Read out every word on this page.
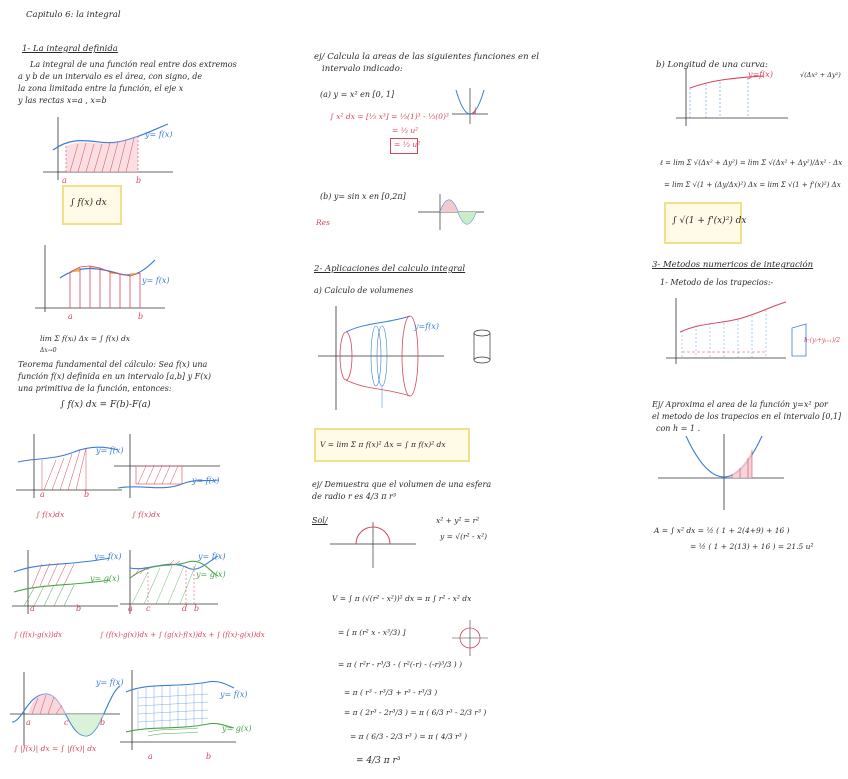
Capitulo 6: la integral
1- La integral definida
La integral de una función real entre dos extremos
a y b de un intervalo es el área, con signo, de
la zona limitada entre la función, el eje x
y las rectas x=a , x=b
y= f(x)
a	b
∫ f(x) dx
y= f(x)
a	b
lim Σ f(xᵢ) Δx = ∫ f(x) dx
Δx→0
Teorema fundamental del cálculo: Sea f(x) una
función f(x) definida en un intervalo [a,b] y F(x)
una primitiva de la función, entonces:
∫ f(x) dx = F(b)-F(a)
y= f(x)
a	b
∫ f(x)dx
y= f(x)
∫ f(x)dx
y= f(x)
y= g(x)
a	b
y= f(x)
y= g(x)
a c	d b
∫ (f(x)-g(x))dx	∫ (f(x)-g(x))dx + ∫ (g(x)-f(x))dx + ∫ (f(x)-g(x))dx
y= f(x)
a	c	b
∫ |f(x)| dx = ∫ |f(x)| dx
y= f(x)
y= g(x)
a	b
ej/ Calcula la areas de las siguientes funciones en el
intervalo indicado:
(a) y = x² en [0, 1]
∫ x² dx = [⅓ x³] = ⅓(1)³ - ⅓(0)³
= ⅓ u²
= ⅓ u²
(b) y= sin x en [0,2π]
Res
2- Aplicaciones del calculo integral
a) Calculo de volumenes
y=f(x)
V = lim Σ π f(x)² Δx = ∫ π f(x)² dx
ej/ Demuestra que el volumen de una esfera
de radio r es 4/3 π r³
Sol/	x² + y² = r²
y = √(r² - x²)
V = ∫ π (√(r² - x²))² dx = π ∫ r² - x² dx
= [ π (r² x - x³/3) ]
= π ( r²r - r³/3 - ( r²(-r) - (-r)³/3 ) )
= π ( r³ - r³/3 + r³ - r³/3 )
= π ( 2r³ - 2r³/3 ) = π ( 6/3 r³ - 2/3 r³ )
= π ( 6/3 - 2/3 r³ ) = π ( 4/3 r³ )
= 4/3 π r³
b) Longitud de una curva:
y=f(x)	√(Δx² + Δy²)
ℓ = lim Σ √(Δx² + Δy²) = lim Σ √(Δx² + Δy²)/Δx² · Δx
= lim Σ √(1 + (Δy/Δx)²) Δx = lim Σ √(1 + f'(x)²) Δx
∫ √(1 + f'(x)²) dx
3- Metodos numericos de integración
1- Metodo de los trapecios:-
h·(yᵢ+yᵢ₊₁)/2
Ej/ Aproxima el area de la función y=x² por
el metodo de los trapecios en el intervalo [0,1]
con h = 1 .
A = ∫ x² dx = ½ ( 1 + 2(4+9) + 16 )
= ½ ( 1 + 2(13) + 16 ) = 21.5 u²
